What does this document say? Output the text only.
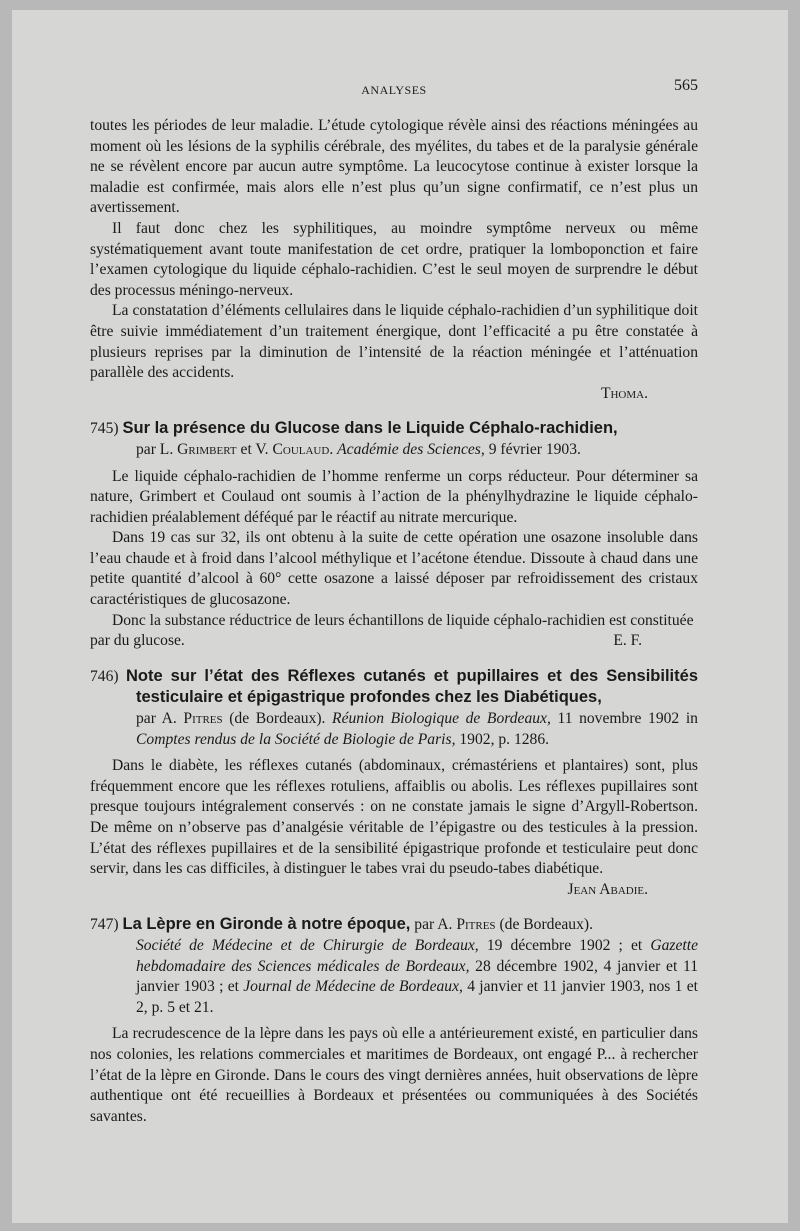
ANALYSES	565

toutes les périodes de leur maladie. L’étude cytologique révèle ainsi des réactions méningées au moment où les lésions de la syphilis cérébrale, des myélites, du tabes et de la paralysie générale ne se révèlent encore par aucun autre symptôme. La leucocytose continue à exister lorsque la maladie est confirmée, mais alors elle n’est plus qu’un signe confirmatif, ce n’est plus un avertissement.

Il faut donc chez les syphilitiques, au moindre symptôme nerveux ou même systématiquement avant toute manifestation de cet ordre, pratiquer la lomboponction et faire l’examen cytologique du liquide céphalo-rachidien. C’est le seul moyen de surprendre le début des processus méningo-nerveux.

La constatation d’éléments cellulaires dans le liquide céphalo-rachidien d’un syphilitique doit être suivie immédiatement d’un traitement énergique, dont l’efficacité a pu être constatée à plusieurs reprises par la diminution de l’intensité de la réaction méningée et l’atténuation parallèle des accidents.

Thoma.

745) Sur la présence du Glucose dans le Liquide Céphalo-rachidien,
par L. Grimbert et V. Coulaud. Académie des Sciences, 9 février 1903.

Le liquide céphalo-rachidien de l’homme renferme un corps réducteur. Pour déterminer sa nature, Grimbert et Coulaud ont soumis à l’action de la phénylhydrazine le liquide céphalo-rachidien préalablement déféqué par le réactif au nitrate mercurique.

Dans 19 cas sur 32, ils ont obtenu à la suite de cette opération une osazone insoluble dans l’eau chaude et à froid dans l’alcool méthylique et l’acétone étendue. Dissoute à chaud dans une petite quantité d’alcool à 60° cette osazone a laissé déposer par refroidissement des cristaux caractéristiques de glucosazone.

Donc la substance réductrice de leurs échantillons de liquide céphalo-rachidien est constituée par du glucose.	E. F.

746) Note sur l’état des Réflexes cutanés et pupillaires et des Sensibilités testiculaire et épigastrique profondes chez les Diabétiques,
par A. Pitres (de Bordeaux). Réunion Biologique de Bordeaux, 11 novembre 1902 in Comptes rendus de la Société de Biologie de Paris, 1902, p. 1286.

Dans le diabète, les réflexes cutanés (abdominaux, crémastériens et plantaires) sont, plus fréquemment encore que les réflexes rotuliens, affaiblis ou abolis. Les réflexes pupillaires sont presque toujours intégralement conservés : on ne constate jamais le signe d’Argyll-Robertson. De même on n’observe pas d’analgésie véritable de l’épigastre ou des testicules à la pression. L’état des réflexes pupillaires et de la sensibilité épigastrique profonde et testiculaire peut donc servir, dans les cas difficiles, à distinguer le tabes vrai du pseudo-tabes diabétique.

Jean Abadie.

747) La Lèpre en Gironde à notre époque, par A. Pitres (de Bordeaux).
Société de Médecine et de Chirurgie de Bordeaux, 19 décembre 1902 ; et Gazette hebdomadaire des Sciences médicales de Bordeaux, 28 décembre 1902, 4 janvier et 11 janvier 1903 ; et Journal de Médecine de Bordeaux, 4 janvier et 11 janvier 1903, nos 1 et 2, p. 5 et 21.

La recrudescence de la lèpre dans les pays où elle a antérieurement existé, en particulier dans nos colonies, les relations commerciales et maritimes de Bordeaux, ont engagé P... à rechercher l’état de la lèpre en Gironde. Dans le cours des vingt dernières années, huit observations de lèpre authentique ont été recueillies à Bordeaux et présentées ou communiquées à des Sociétés savantes.
